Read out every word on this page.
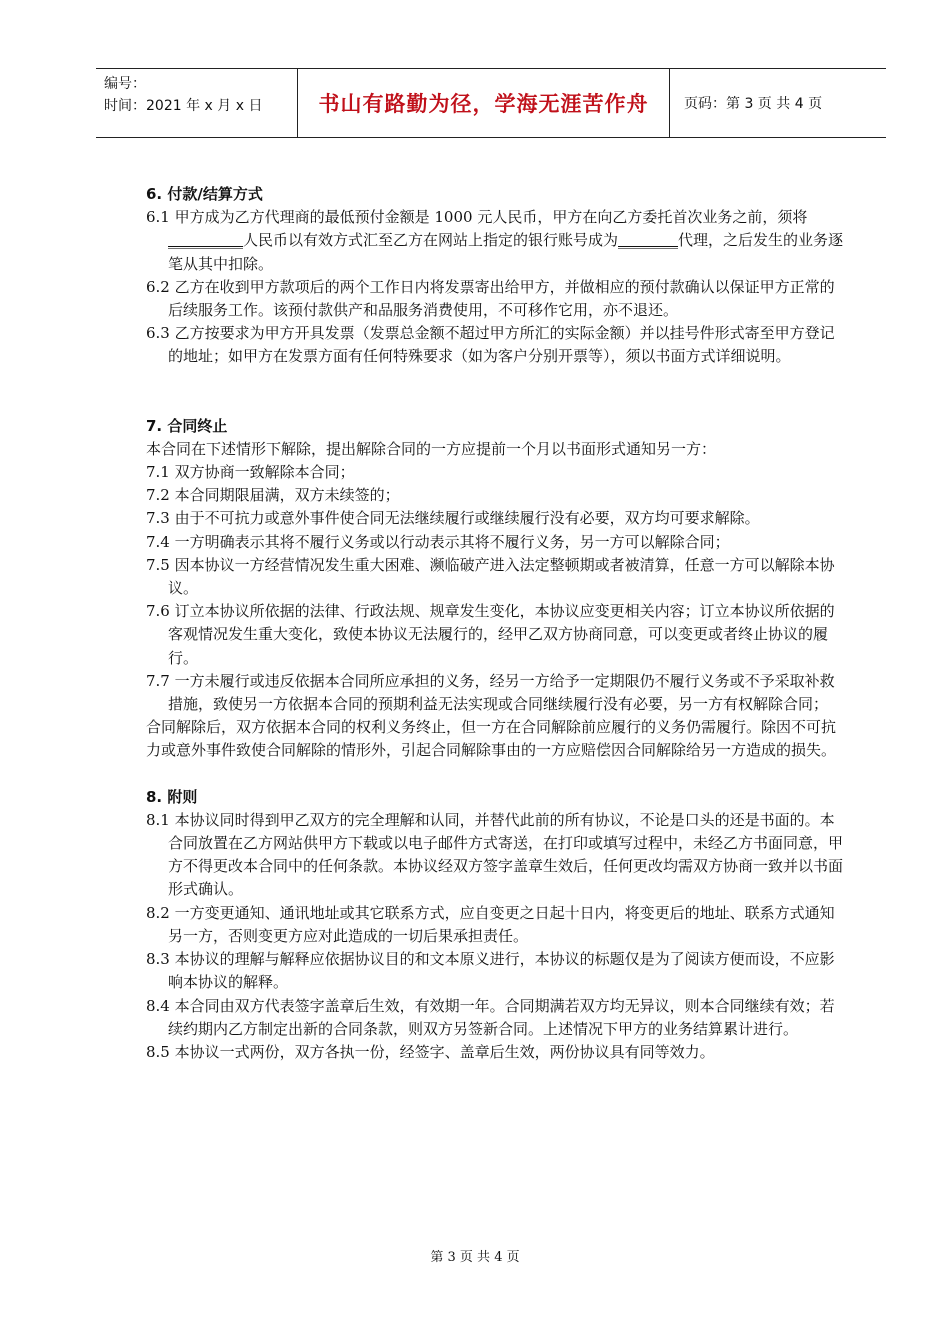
编号：
时间：2021 年 x 月 x 日	书山有路勤为径，学海无涯苦作舟	页码：第 3 页 共 4 页
6. 付款/结算方式
6.1 甲方成为乙方代理商的最低预付金额是 1000 元人民币，甲方在向乙方委托首次业务之前，须将__________人民币以有效方式汇至乙方在网站上指定的银行账号成为________代理，之后发生的业务逐笔从其中扣除。
6.2 乙方在收到甲方款项后的两个工作日内将发票寄出给甲方，并做相应的预付款确认以保证甲方正常的后续服务工作。该预付款供产和品服务消费使用，不可移作它用，亦不退还。
6.3 乙方按要求为甲方开具发票（发票总金额不超过甲方所汇的实际金额）并以挂号件形式寄至甲方登记的地址；如甲方在发票方面有任何特殊要求（如为客户分别开票等），须以书面方式详细说明。
7. 合同终止
本合同在下述情形下解除，提出解除合同的一方应提前一个月以书面形式通知另一方：
7.1 双方协商一致解除本合同；
7.2 本合同期限届满，双方未续签的；
7.3 由于不可抗力或意外事件使合同无法继续履行或继续履行没有必要，双方均可要求解除。
7.4 一方明确表示其将不履行义务或以行动表示其将不履行义务，另一方可以解除合同；
7.5 因本协议一方经营情况发生重大困难、濒临破产进入法定整顿期或者被清算，任意一方可以解除本协议。
7.6 订立本协议所依据的法律、行政法规、规章发生变化，本协议应变更相关内容；订立本协议所依据的客观情况发生重大变化，致使本协议无法履行的，经甲乙双方协商同意，可以变更或者终止协议的履行。
7.7 一方未履行或违反依据本合同所应承担的义务，经另一方给予一定期限仍不履行义务或不予采取补救措施，致使另一方依据本合同的预期利益无法实现或合同继续履行没有必要，另一方有权解除合同；
合同解除后，双方依据本合同的权利义务终止，但一方在合同解除前应履行的义务仍需履行。除因不可抗力或意外事件致使合同解除的情形外，引起合同解除事由的一方应赔偿因合同解除给另一方造成的损失。
8. 附则
8.1 本协议同时得到甲乙双方的完全理解和认同，并替代此前的所有协议，不论是口头的还是书面的。本合同放置在乙方网站供甲方下载或以电子邮件方式寄送，在打印或填写过程中，未经乙方书面同意，甲方不得更改本合同中的任何条款。本协议经双方签字盖章生效后，任何更改均需双方协商一致并以书面形式确认。
8.2 一方变更通知、通讯地址或其它联系方式，应自变更之日起十日内，将变更后的地址、联系方式通知另一方，否则变更方应对此造成的一切后果承担责任。
8.3 本协议的理解与解释应依据协议目的和文本原义进行，本协议的标题仅是为了阅读方便而设，不应影响本协议的解释。
8.4 本合同由双方代表签字盖章后生效，有效期一年。合同期满若双方均无异议，则本合同继续有效；若续约期内乙方制定出新的合同条款，则双方另签新合同。上述情况下甲方的业务结算累计进行。
8.5 本协议一式两份，双方各执一份，经签字、盖章后生效，两份协议具有同等效力。
第 3 页 共 4 页
